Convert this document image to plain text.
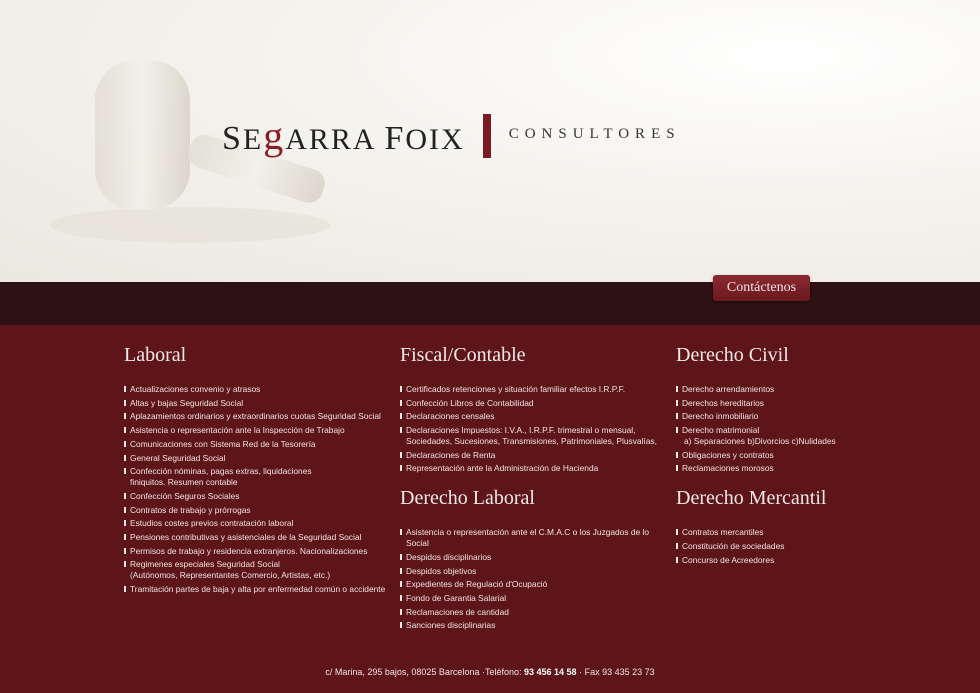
SEgARRA FOIX	CONSULTORES
Contáctenos
Laboral
Actualizaciones convenio y atrasos
Altas y bajas Seguridad Social
Aplazamientos ordinarios y extraordinarios cuotas Seguridad Social
Asistencia o representación ante la Inspección de Trabajo
Comunicaciones con Sistema Red de la Tesorería
General Seguridad Social
Confección nóminas, pagas extras, liquidaciones
finiquitos. Resumen contable
Confección Seguros Sociales
Contratos de trabajo y prórrogas
Estudios costes previos contratación laboral
Pensiones contributivas y asistenciales de la Seguridad Social
Permisos de trabajo y residencia extranjeros. Nacionalizaciones
Regimenes especiales Seguridad Social
(Autónomos, Representantes Comercio, Artistas, etc.)
Tramitación partes de baja y alta por enfermedad común o accidente
Fiscal/Contable
Certificados retenciones y situación familiar efectos I.R.P.F.
Confección Libros de Contabilidad
Declaraciones censales
Declaraciones Impuestos: I.V.A., I.R.P.F. trimestral o mensual,
Sociedades, Sucesiones, Transmisiones, Patrimoniales, Plusvalías,
Declaraciones de Renta
Representación ante la Administración de Hacienda
Derecho Laboral
Asistencia o representación ante el C.M.A.C o los Juzgados de lo Social
Despidos disciplinarios
Despidos objetivos
Expedientes de Regulació d'Ocupació
Fondo de Garantia Salarial
Reclamaciones de cantidad
Sanciones disciplinarias
Derecho Civil
Derecho arrendamientos
Derechos hereditarios
Derecho inmobiliario
Derecho matrimonial
a) Separaciones b)Divorcios c)Nulidades
Obligaciones y contratos
Reclamaciones morosos
Derecho Mercantil
Contratos mercantiles
Constitución de sociedades
Concurso de Acreedores
c/ Marina, 295 bajos, 08025 Barcelona ·Teléfono: 93 456 14 58 · Fax 93 435 23 73
